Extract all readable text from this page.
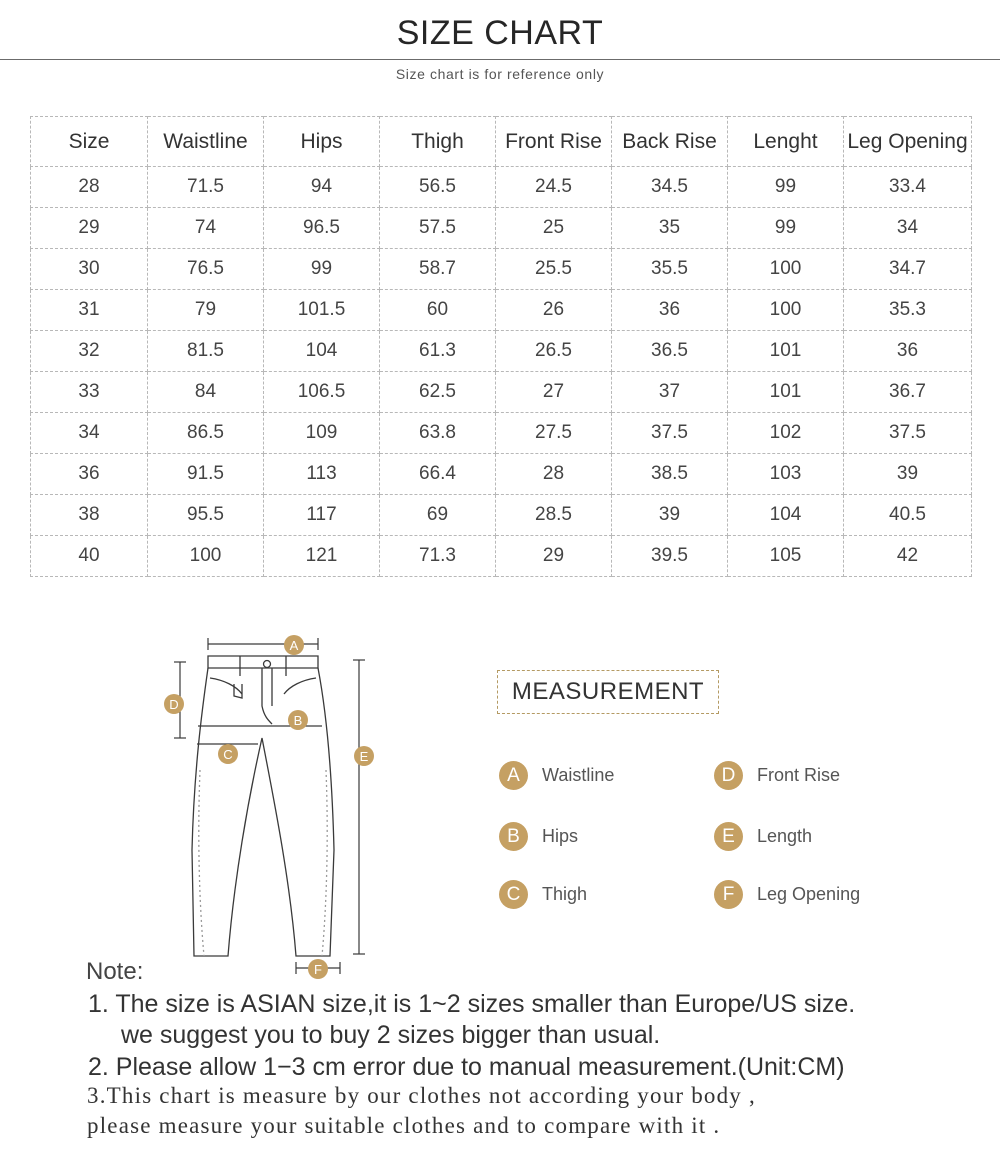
SIZE CHART
Size chart is for reference only
Size	Waistline	Hips	Thigh	Front Rise	Back Rise	Lenght	Leg Opening
28	71.5	94	56.5	24.5	34.5	99	33.4
29	74	96.5	57.5	25	35	99	34
30	76.5	99	58.7	25.5	35.5	100	34.7
31	79	101.5	60	26	36	100	35.3
32	81.5	104	61.3	26.5	36.5	101	36
33	84	106.5	62.5	27	37	101	36.7
34	86.5	109	63.8	27.5	37.5	102	37.5
36	91.5	113	66.4	28	38.5	103	39
38	95.5	117	69	28.5	39	104	40.5
40	100	121	71.3	29	39.5	105	42
A
B
C
D
E
F
MEASUREMENT
A	Waistline
B	Hips
C	Thigh
D	Front Rise
E	Length
F	Leg Opening
Note:
1. The size is ASIAN size,it is 1~2 sizes smaller than Europe/US size.
we suggest you to buy 2 sizes bigger than usual.
2. Please allow 1−3 cm error due to manual measurement.(Unit:CM)
3.This chart is measure by our clothes not according your body ,
please measure your suitable clothes and to compare with it .
